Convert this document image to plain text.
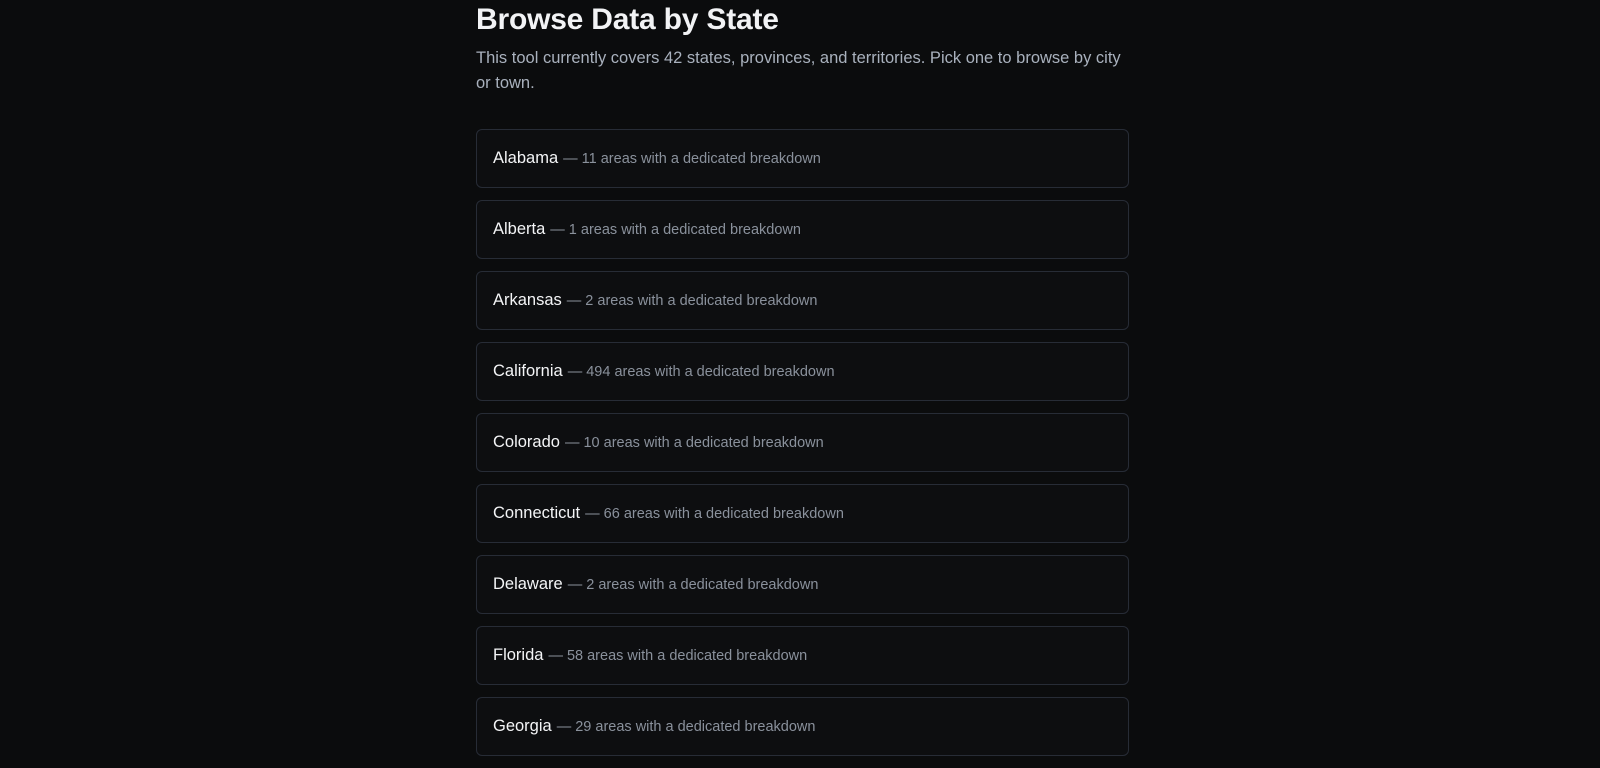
Browse Data by State

This tool currently covers 42 states, provinces, and territories. Pick one to browse by city or town.

Alabama — 11 areas with a dedicated breakdown
Alberta — 1 areas with a dedicated breakdown
Arkansas — 2 areas with a dedicated breakdown
California — 494 areas with a dedicated breakdown
Colorado — 10 areas with a dedicated breakdown
Connecticut — 66 areas with a dedicated breakdown
Delaware — 2 areas with a dedicated breakdown
Florida — 58 areas with a dedicated breakdown
Georgia — 29 areas with a dedicated breakdown
